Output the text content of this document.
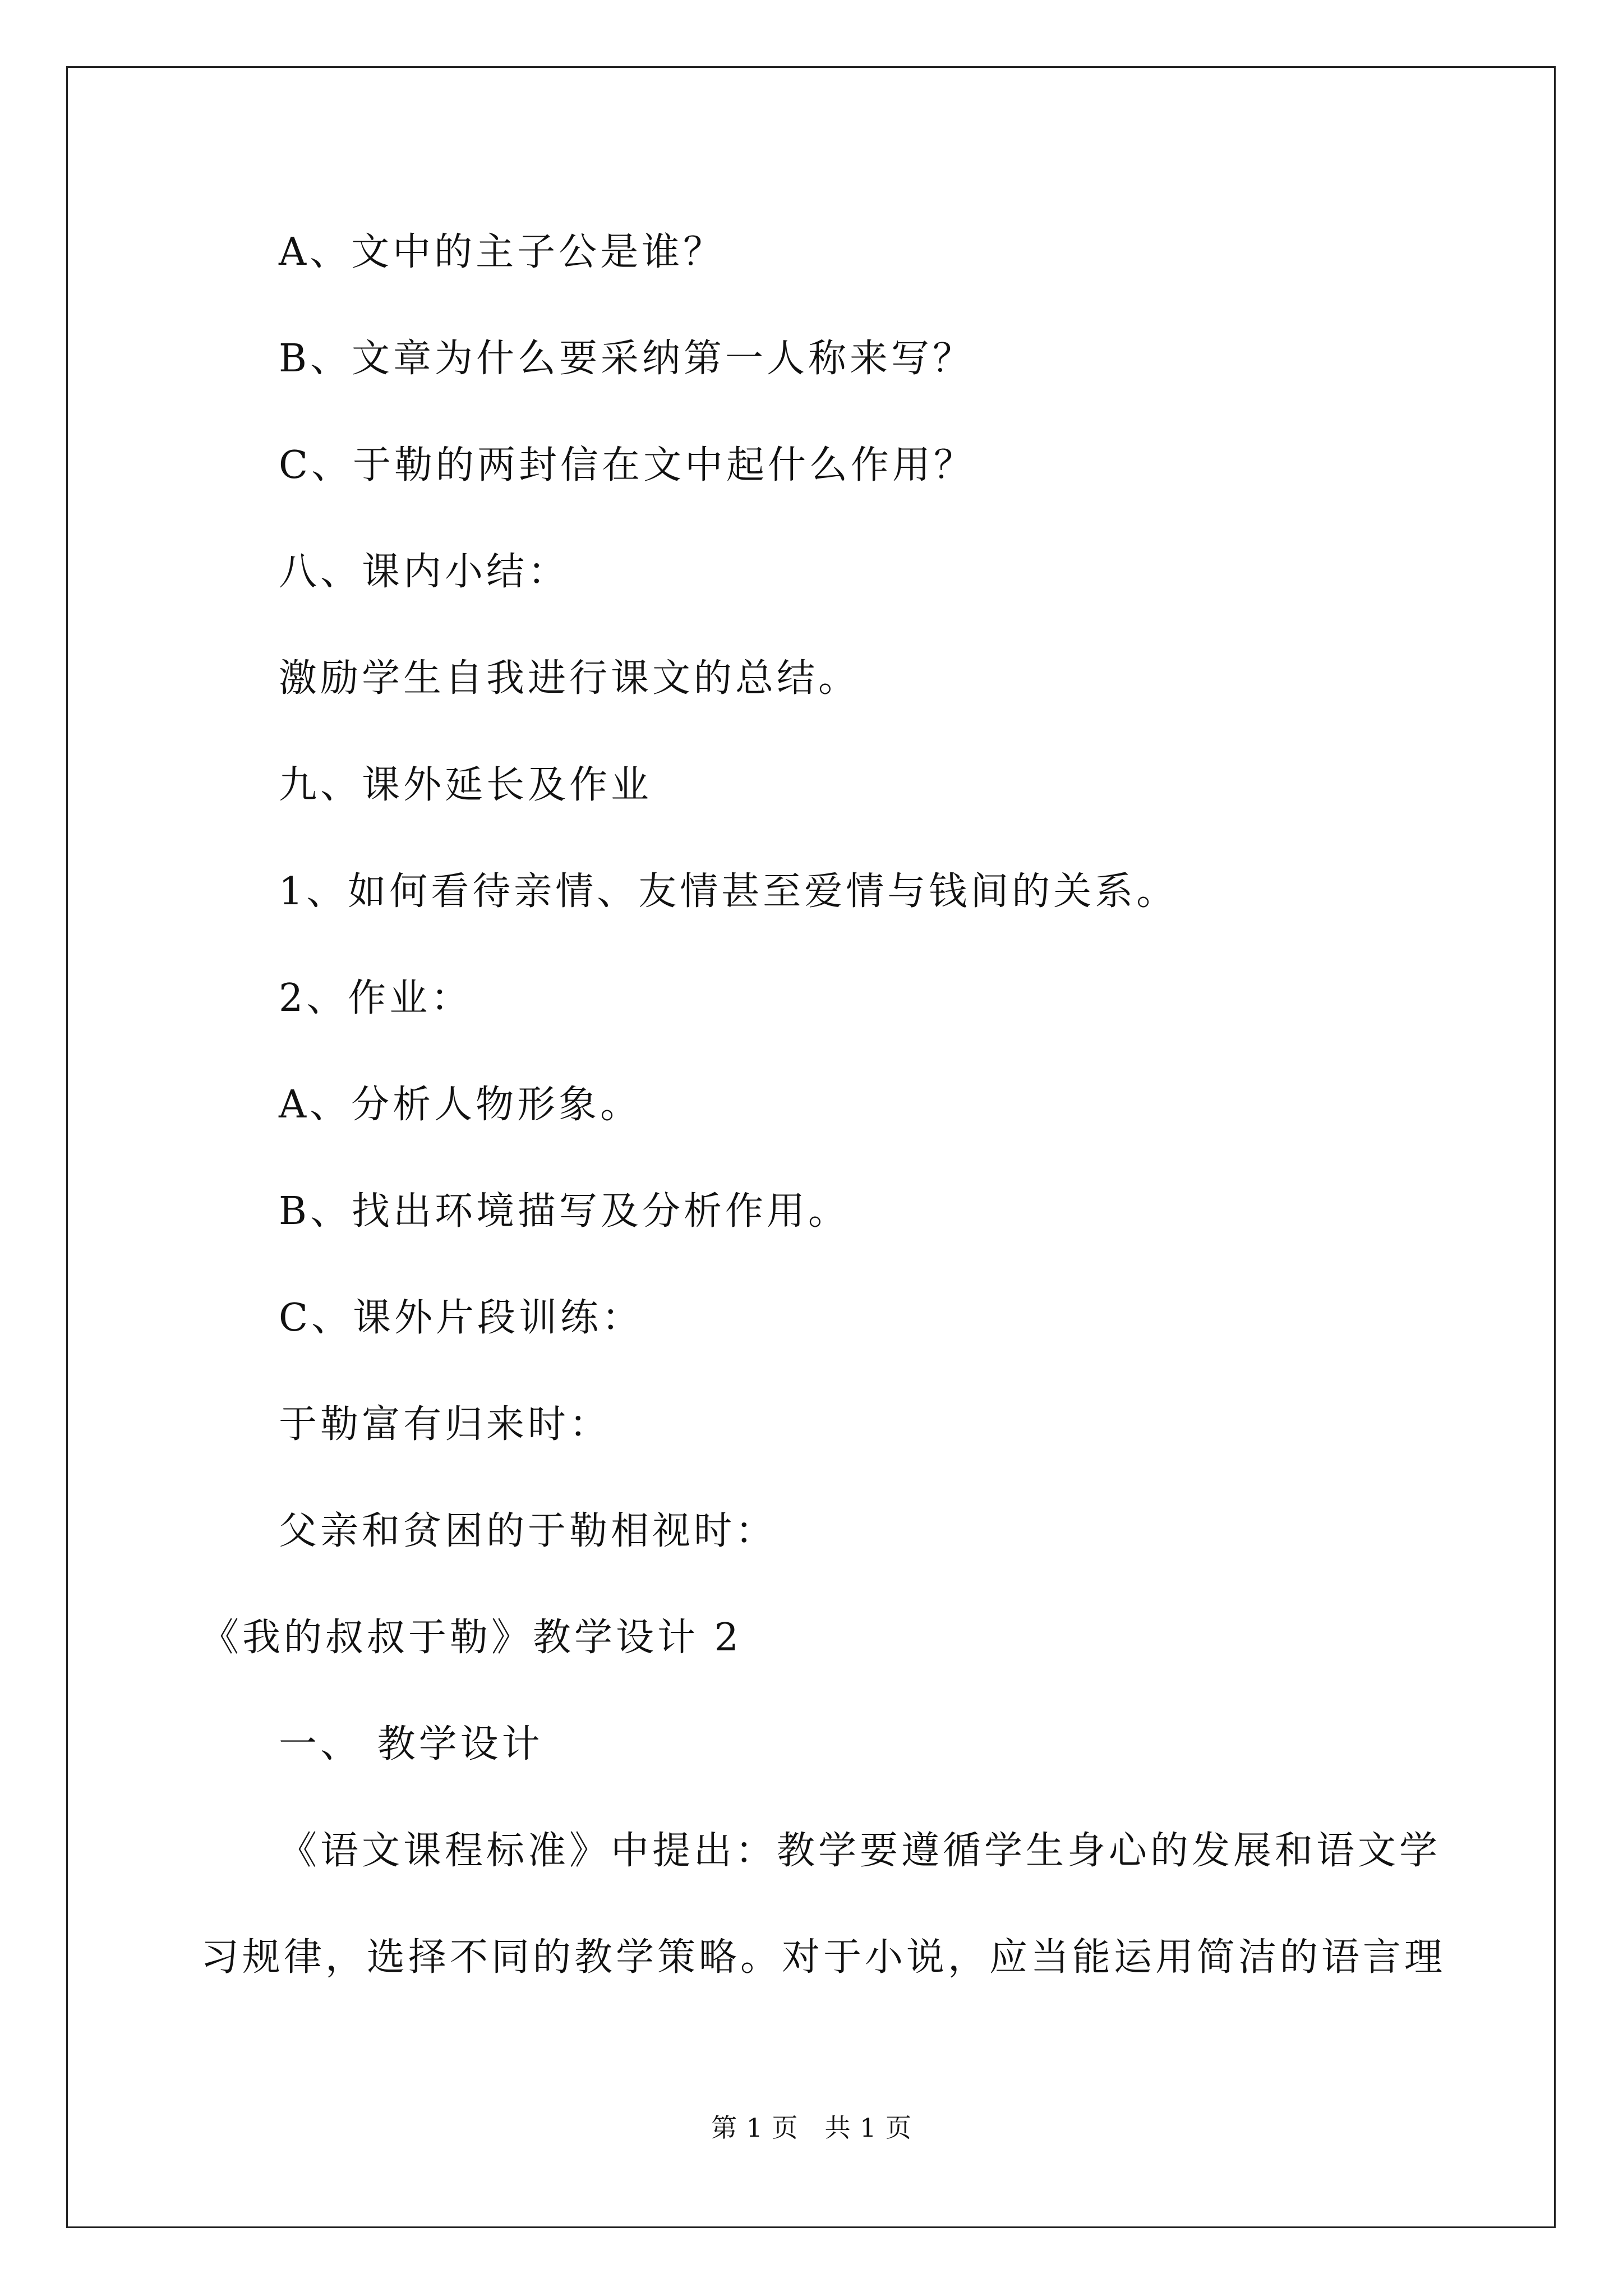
A、文中的主子公是谁？
B、文章为什么要采纳第一人称来写？
C、于勒的两封信在文中起什么作用？
八、课内小结：
激励学生自我进行课文的总结。
九、课外延长及作业
1、如何看待亲情、友情甚至爱情与钱间的关系。
2、作业：
A、分析人物形象。
B、找出环境描写及分析作用。
C、课外片段训练：
于勒富有归来时：
父亲和贫困的于勒相视时：
《我的叔叔于勒》教学设计 2
一、 教学设计
《语文课程标准》中提出：教学要遵循学生身心的发展和语文学
习规律，选择不同的教学策略。对于小说，应当能运用简洁的语言理
第 1 页　共 1 页
